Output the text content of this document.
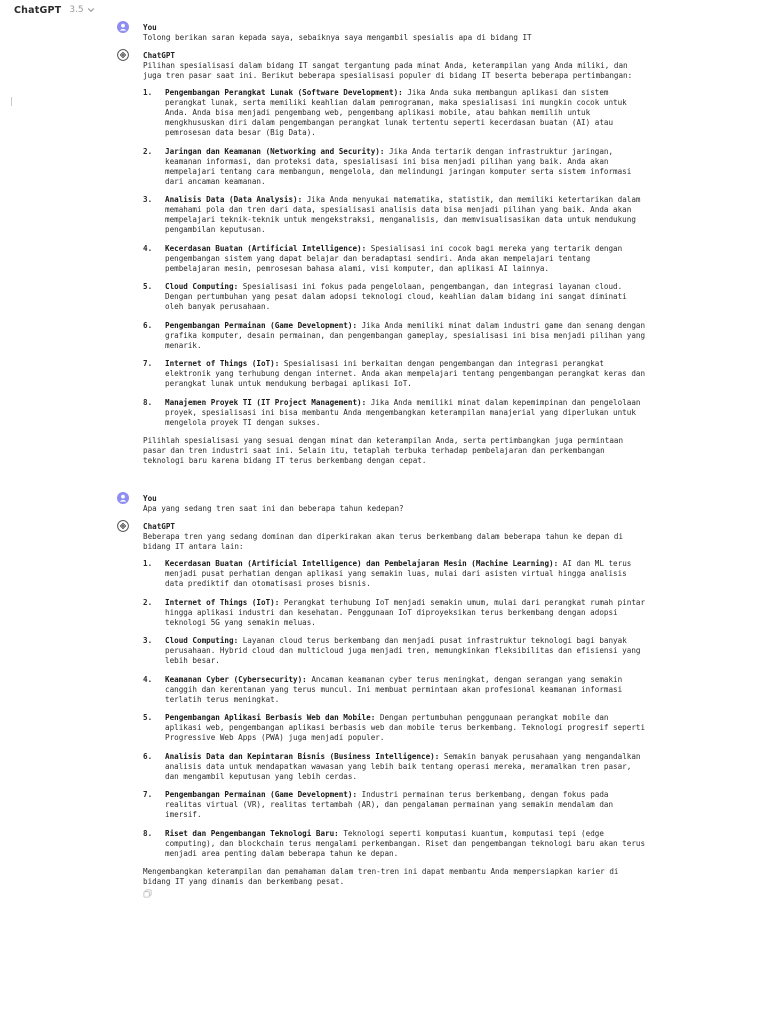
ChatGPT 3.5
You

Tolong berikan saran kepada saya, sebaiknya saya mengambil spesialis apa di bidang IT

ChatGPT

Pilihan spesialisasi dalam bidang IT sangat tergantung pada minat Anda, keterampilan yang Anda miliki, dan juga tren pasar saat ini. Berikut beberapa spesialisasi populer di bidang IT beserta beberapa pertimbangan:

1. Pengembangan Perangkat Lunak (Software Development): Jika Anda suka membangun aplikasi dan sistem perangkat lunak, serta memiliki keahlian dalam pemrograman, maka spesialisasi ini mungkin cocok untuk Anda. Anda bisa menjadi pengembang web, pengembang aplikasi mobile, atau bahkan memilih untuk mengkhususkan diri dalam pengembangan perangkat lunak tertentu seperti kecerdasan buatan (AI) atau pemrosesan data besar (Big Data).
2. Jaringan dan Keamanan (Networking and Security): Jika Anda tertarik dengan infrastruktur jaringan, keamanan informasi, dan proteksi data, spesialisasi ini bisa menjadi pilihan yang baik. Anda akan mempelajari tentang cara membangun, mengelola, dan melindungi jaringan komputer serta sistem informasi dari ancaman keamanan.
3. Analisis Data (Data Analysis): Jika Anda menyukai matematika, statistik, dan memiliki ketertarikan dalam memahami pola dan tren dari data, spesialisasi analisis data bisa menjadi pilihan yang baik. Anda akan mempelajari teknik-teknik untuk mengekstraksi, menganalisis, dan memvisualisasikan data untuk mendukung pengambilan keputusan.
4. Kecerdasan Buatan (Artificial Intelligence): Spesialisasi ini cocok bagi mereka yang tertarik dengan pengembangan sistem yang dapat belajar dan beradaptasi sendiri. Anda akan mempelajari tentang pembelajaran mesin, pemrosesan bahasa alami, visi komputer, dan aplikasi AI lainnya.
5. Cloud Computing: Spesialisasi ini fokus pada pengelolaan, pengembangan, dan integrasi layanan cloud. Dengan pertumbuhan yang pesat dalam adopsi teknologi cloud, keahlian dalam bidang ini sangat diminati oleh banyak perusahaan.
6. Pengembangan Permainan (Game Development): Jika Anda memiliki minat dalam industri game dan senang dengan grafika komputer, desain permainan, dan pengembangan gameplay, spesialisasi ini bisa menjadi pilihan yang menarik.
7. Internet of Things (IoT): Spesialisasi ini berkaitan dengan pengembangan dan integrasi perangkat elektronik yang terhubung dengan internet. Anda akan mempelajari tentang pengembangan perangkat keras dan perangkat lunak untuk mendukung berbagai aplikasi IoT.
8. Manajemen Proyek TI (IT Project Management): Jika Anda memiliki minat dalam kepemimpinan dan pengelolaan proyek, spesialisasi ini bisa membantu Anda mengembangkan keterampilan manajerial yang diperlukan untuk mengelola proyek TI dengan sukses.

Pilihlah spesialisasi yang sesuai dengan minat dan keterampilan Anda, serta pertimbangkan juga permintaan pasar dan tren industri saat ini. Selain itu, tetaplah terbuka terhadap pembelajaran dan perkembangan teknologi baru karena bidang IT terus berkembang dengan cepat.

You

Apa yang sedang tren saat ini dan beberapa tahun kedepan?

ChatGPT

Beberapa tren yang sedang dominan dan diperkirakan akan terus berkembang dalam beberapa tahun ke depan di bidang IT antara lain:

1. Kecerdasan Buatan (Artificial Intelligence) dan Pembelajaran Mesin (Machine Learning): AI dan ML terus menjadi pusat perhatian dengan aplikasi yang semakin luas, mulai dari asisten virtual hingga analisis data prediktif dan otomatisasi proses bisnis.
2. Internet of Things (IoT): Perangkat terhubung IoT menjadi semakin umum, mulai dari perangkat rumah pintar hingga aplikasi industri dan kesehatan. Penggunaan IoT diproyeksikan terus berkembang dengan adopsi teknologi 5G yang semakin meluas.
3. Cloud Computing: Layanan cloud terus berkembang dan menjadi pusat infrastruktur teknologi bagi banyak perusahaan. Hybrid cloud dan multicloud juga menjadi tren, memungkinkan fleksibilitas dan efisiensi yang lebih besar.
4. Keamanan Cyber (Cybersecurity): Ancaman keamanan cyber terus meningkat, dengan serangan yang semakin canggih dan kerentanan yang terus muncul. Ini membuat permintaan akan profesional keamanan informasi terlatih terus meningkat.
5. Pengembangan Aplikasi Berbasis Web dan Mobile: Dengan pertumbuhan penggunaan perangkat mobile dan aplikasi web, pengembangan aplikasi berbasis web dan mobile terus berkembang. Teknologi progresif seperti Progressive Web Apps (PWA) juga menjadi populer.
6. Analisis Data dan Kepintaran Bisnis (Business Intelligence): Semakin banyak perusahaan yang mengandalkan analisis data untuk mendapatkan wawasan yang lebih baik tentang operasi mereka, meramalkan tren pasar, dan mengambil keputusan yang lebih cerdas.
7. Pengembangan Permainan (Game Development): Industri permainan terus berkembang, dengan fokus pada realitas virtual (VR), realitas tertambah (AR), dan pengalaman permainan yang semakin mendalam dan imersif.
8. Riset dan Pengembangan Teknologi Baru: Teknologi seperti komputasi kuantum, komputasi tepi (edge computing), dan blockchain terus mengalami perkembangan. Riset dan pengembangan teknologi baru akan terus menjadi area penting dalam beberapa tahun ke depan.

Mengembangkan keterampilan dan pemahaman dalam tren-tren ini dapat membantu Anda mempersiapkan karier di bidang IT yang dinamis dan berkembang pesat.
